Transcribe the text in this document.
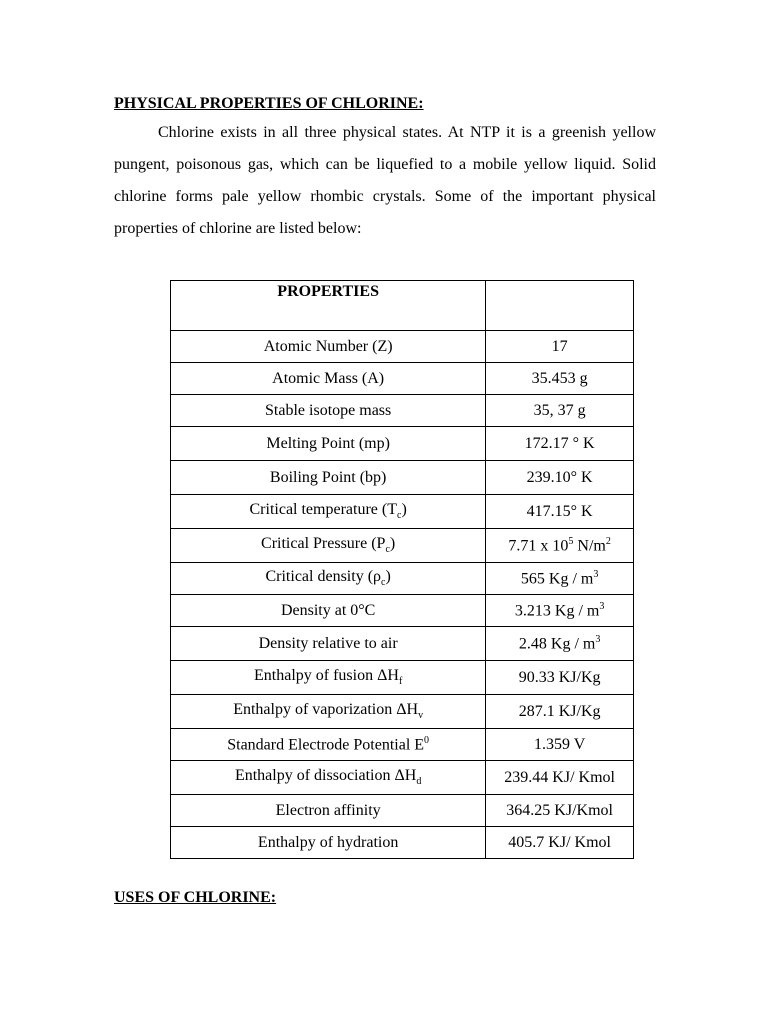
PHYSICAL PROPERTIES OF CHLORINE:

Chlorine exists in all three physical states. At NTP it is a greenish yellow pungent, poisonous gas, which can be liquefied to a mobile yellow liquid. Solid chlorine forms pale yellow rhombic crystals. Some of the important physical properties of chlorine are listed below:

PROPERTIES	
Atomic Number (Z)	17
Atomic Mass (A)	35.453 g
Stable isotope mass	35, 37 g
Melting Point (mp)	172.17 ° K
Boiling Point (bp)	239.10° K
Critical temperature $(T_c)$	417.15° K
Critical Pressure $(P_c)$	7.71 x $10^5$ $N/m^2$
Critical density $(\rho_c)$	565 Kg / $m^3$
Density at 0°C	3.213 Kg / $m^3$
Density relative to air	2.48 Kg / $m^3$
Enthalpy of fusion $\Delta H_f$	90.33 KJ/Kg
Enthalpy of vaporization $\Delta H_v$	287.1 KJ/Kg
Standard Electrode Potential $E^0$	1.359 V
Enthalpy of dissociation $\Delta H_d$	239.44 KJ/ Kmol
Electron affinity	364.25 KJ/Kmol
Enthalpy of hydration	405.7 KJ/ Kmol
USES OF CHLORINE:
